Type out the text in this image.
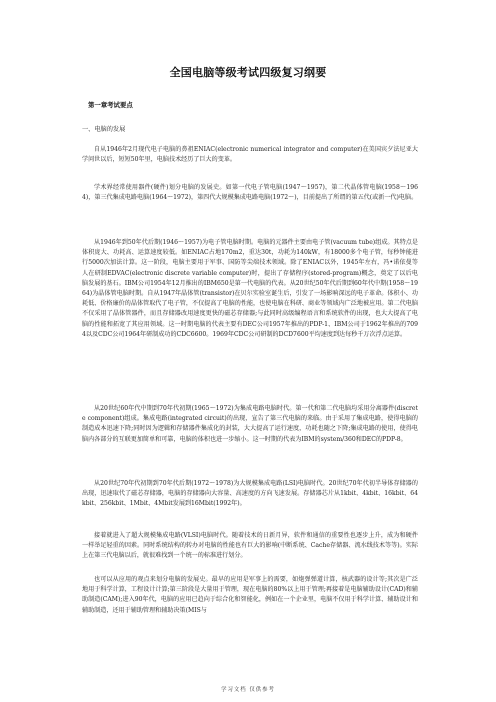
全国电脑等级考试四级复习纲要
第一章考试要点
一、电脑的发展

自从1946年2月现代电子电脑的鼻祖ENIAC(electronic numerical integrator and computer)在美国宾夕法尼亚大学问世以后，短短50年里，电脑技术经历了巨大的变革。

学术界经常使用器件(硬件)划分电脑的发展史。如第一代电子管电脑(1947～1957)，第二代晶体管电脑(1958～1964)，第三代集成电路电脑(1964～1972)，第四代大规模集成电路电脑(1972～)，目前提出了所谓的第五代(或新一代)电脑。

从1946年到50年代后期(1946～1957)为电子管电脑时期。电脑的元器件主要由电子管(vacuum tube)组成。其特点是体积庞大、功耗高、运算速度较低。如ENIAC占地170m2，重达30t，功耗为140kW，有18000多个电子管，每秒钟能进行5000次加法计算。这一阶段，电脑主要用于军事、国防等尖端技术领域。除了ENIAC以外，1945年左右，冯•诺依曼等人在研制EDVAC(electronic discrete variable computer)时，提出了存储程序(stored-program)概念，奠定了以后电脑发展的基石。IBM公司1954年12月推出的IBM650是第一代电脑的代表。从20世纪50年代后期到60年代中期(1958～1964)为晶体管电脑时期。自从1947年晶体管(transistor)在贝尔实验室诞生后，引发了一场影响深远的电子革命。体积小、功耗低、价格廉价的晶体管取代了电子管，不仅提高了电脑的性能，也使电脑在科研、商业等领域内广泛地被应用。第二代电脑不仅采用了晶体管器件，而且存储器改用速度更快的磁芯存储器;与此同时高级编程语言和系统软件的出现，也大大提高了电脑的性能和拓宽了其应用领域。这一时期电脑的代表主要有DEC公司1957年推出的PDP-1、IBM公司于1962年推出的7094以及CDC公司1964年研制成功的CDC6600。1969年CDC公司研制的DCD7600平均速度到达每秒千万次浮点运算。

从20世纪60年代中期到70年代初期(1965～1972)为集成电路电脑时代。第一代和第二代电脑均采用分离器件(discrete component)组成。集成电路(integrated circuit)的出现，宣告了第三代电脑的来临。由于采用了集成电路，使得电脑的制造成本迅速下降;同时因为逻辑和存储器件集成化的封装，大大提高了运行速度，功耗也随之下降;集成电路的使用，使得电脑内各部分的互联更加简单和可靠，电脑的体积也进一步缩小。这一时期的代表为IBM的system/360和DEC的PDP-8。

从20世纪70年代初期到70年代后期(1972～1978)为大规模集成电路(LSI)电脑时代。20世纪70年代初半导体存储器的出现，迅速取代了磁芯存储器，电脑的存储器向大容量、高速度的方向飞速发展。存储器芯片从1kbit、4kbit、16kbit、64kbit、256kbit、1Mbit、4Mbit发展到16Mbit(1992年)。

接着就进入了超大规模集成电路(VLSI)电脑时代。随着技术的日新月异，软件和通信的重要性也逐步上升，成为和硬件一样举足轻重的因素。同时系统结构的转办对电脑的性能也有巨大的影响(中断系统、Cache存储器、流水线技术等等)。实际上在第三代电脑以后，就很难找到一个统一的标准进行划分。

也可以从应用的观点来划分电脑的发展史。最早的应用是军事上的需要，如炮弹弹道计算，核武器的设计等;其次是广泛地用于科学计算，工程设计计算;第三阶段是大量用于管理，现在电脑的80%以上用于管理;再接着是电脑辅助设计(CAD)和辅助制造(CAM);进入90年代，电脑的应用已趋向于综合化和智能化，例如在一个企业里，电脑不仅用于科学计算、辅助设计和辅助制造，还用于辅助管理和辅助决策(MIS与

学习文档 仅供参考
